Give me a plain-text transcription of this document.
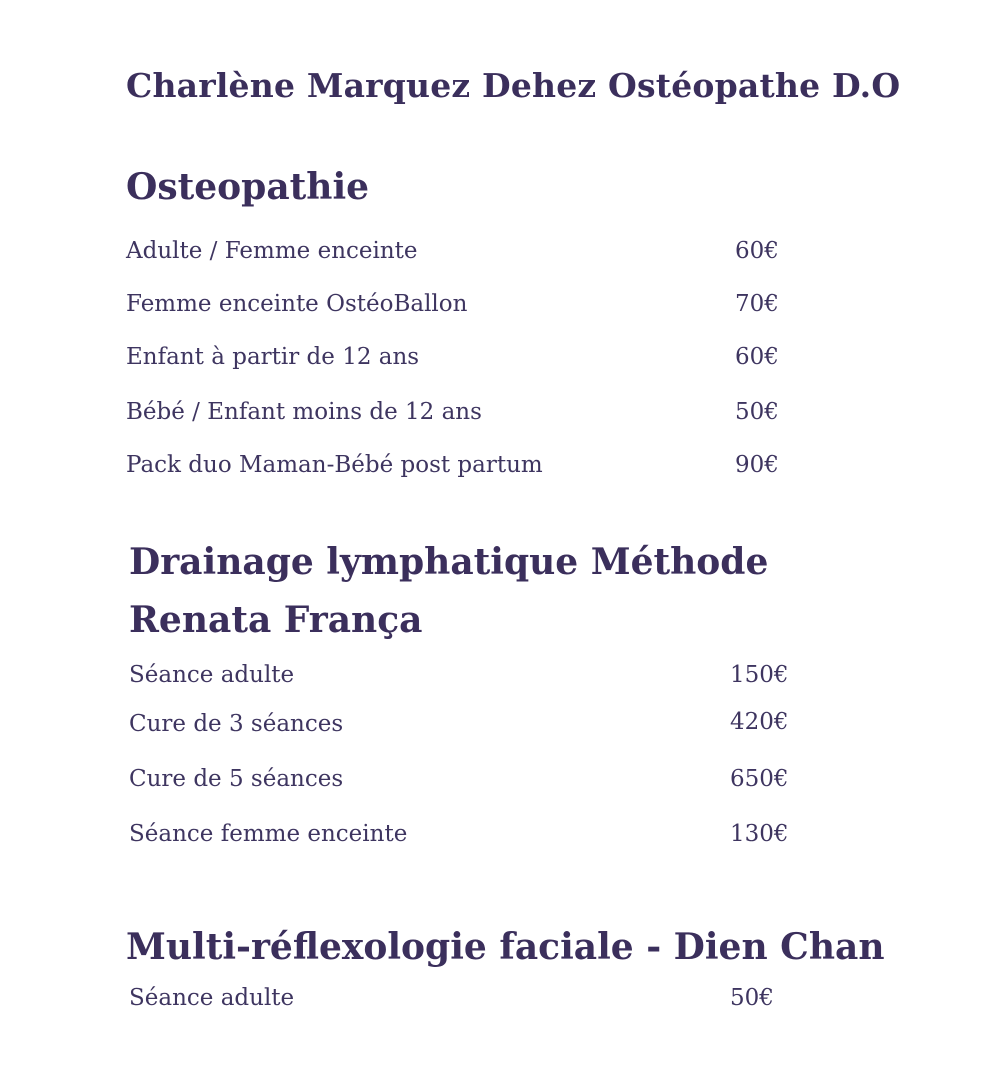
Charlène Marquez Dehez Ostéopathe D.O
Osteopathie
Adulte / Femme enceinte	60€
Femme enceinte OstéoBallon	70€
Enfant à partir de 12 ans	60€
Bébé / Enfant moins de 12 ans	50€
Pack duo Maman-Bébé post partum	90€
Drainage lymphatique Méthode
Renata França
Séance adulte	150€
Cure de 3 séances	420€
Cure de 5 séances	650€
Séance femme enceinte	130€
Multi-réflexologie faciale - Dien Chan
Séance adulte	50€
